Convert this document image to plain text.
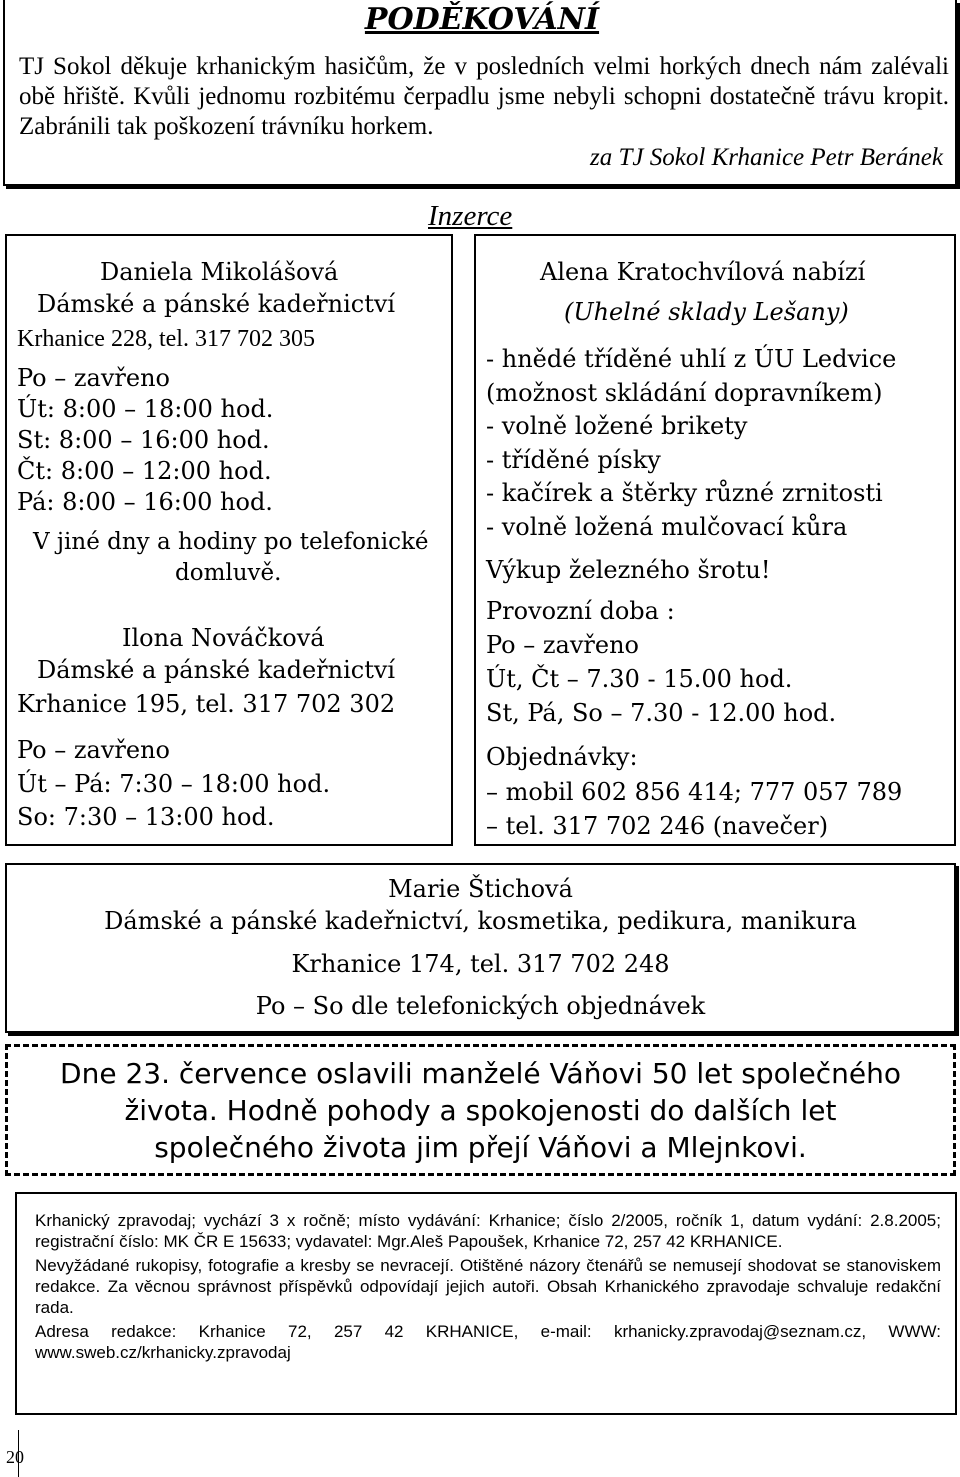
PODĚKOVÁNÍ
TJ Sokol děkuje krhanickým hasičům, že v posledních velmi horkých dnech nám zalévali obě hřiště. Kvůli jednomu rozbitému čerpadlu jsme nebyli schopni dostatečně trávu kropit. Zabránili tak poškození trávníku horkem.
za TJ Sokol Krhanice Petr Beránek
Inzerce
Daniela Mikolášová
Dámské a pánské kadeřnictví
Krhanice 228, tel. 317 702 305
Po – zavřeno
Út: 8:00 – 18:00 hod.
St: 8:00 – 16:00 hod.
Čt: 8:00 – 12:00 hod.
Pá: 8:00 – 16:00 hod.
V jiné dny a hodiny po telefonické
domluvě.
Ilona Nováčková
Dámské a pánské kadeřnictví
Krhanice 195, tel. 317 702 302
Po – zavřeno
Út – Pá: 7:30 – 18:00 hod.
So: 7:30 – 13:00 hod.
Alena Kratochvílová nabízí
(Uhelné sklady Lešany)
- hnědé tříděné uhlí z ÚU Ledvice
(možnost skládání dopravníkem)
- volně ložené brikety
- tříděné písky
- kačírek a štěrky různé zrnitosti
- volně ložená mulčovací kůra
Výkup železného šrotu!
Provozní doba :
Po – zavřeno
Út, Čt – 7.30 - 15.00 hod.
St, Pá, So – 7.30 - 12.00 hod.
Objednávky:
– mobil 602 856 414; 777 057 789
– tel. 317 702 246 (navečer)
Marie Štichová
Dámské a pánské kadeřnictví, kosmetika, pedikura, manikura
Krhanice 174, tel. 317 702 248
Po – So dle telefonických objednávek
Dne 23. července oslavili manželé Váňovi 50 let společného
života. Hodně pohody a spokojenosti do dalších let
společného života jim přejí Váňovi a Mlejnkovi.

Krhanický zpravodaj; vychází 3 x ročně; místo vydávání: Krhanice; číslo 2/2005, ročník 1, datum vydání: 2.8.2005; registrační číslo: MK ČR E 15633; vydavatel: Mgr.Aleš Papoušek, Krhanice 72, 257 42 KRHANICE.

Nevyžádané rukopisy, fotografie a kresby se nevracejí. Otištěné názory čtenářů se nemusejí shodovat se stanoviskem redakce. Za věcnou správnost příspěvků odpovídají jejich autoři. Obsah Krhanického zpravodaje schvaluje redakční rada.

Adresa redakce: Krhanice 72, 257 42 KRHANICE, e-mail: krhanicky.zpravodaj@seznam.cz, WWW: www.sweb.cz/krhanicky.zpravodaj

20
